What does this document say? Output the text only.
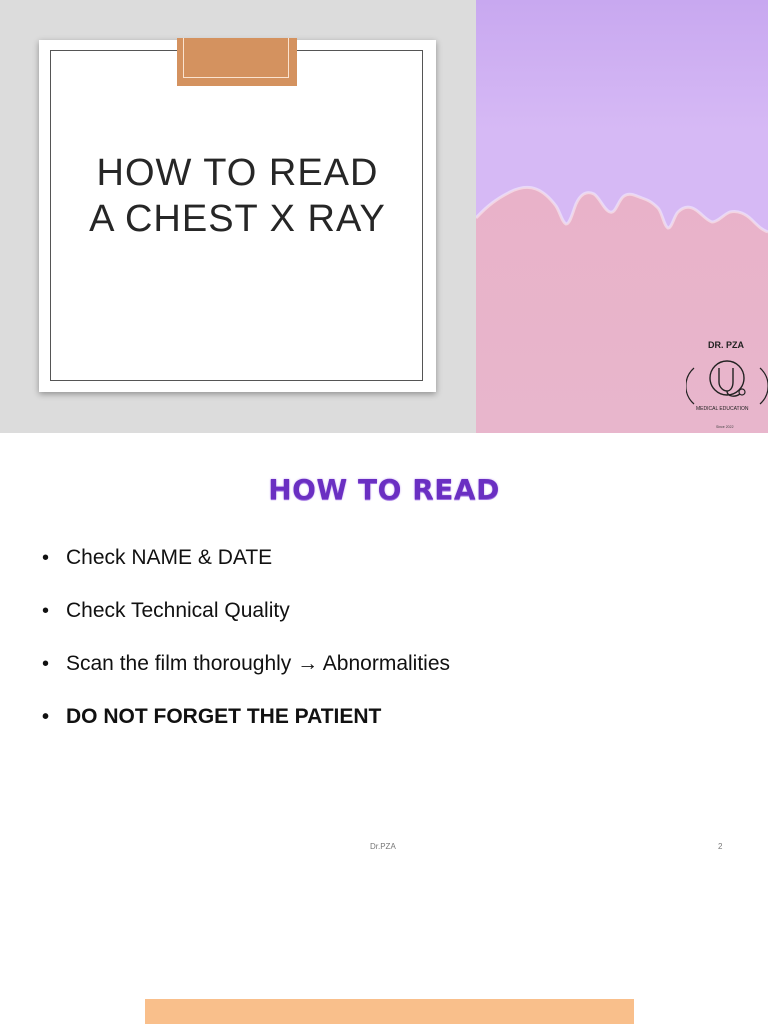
HOW TO READ
A CHEST X RAY
DR. PZA
MEDICAL EDUCATION
Since 2022
HOW TO READ
• Check NAME & DATE
• Check Technical Quality
• Scan the film thoroughly → Abnormalities
• DO NOT FORGET THE PATIENT
Dr.PZA	2
